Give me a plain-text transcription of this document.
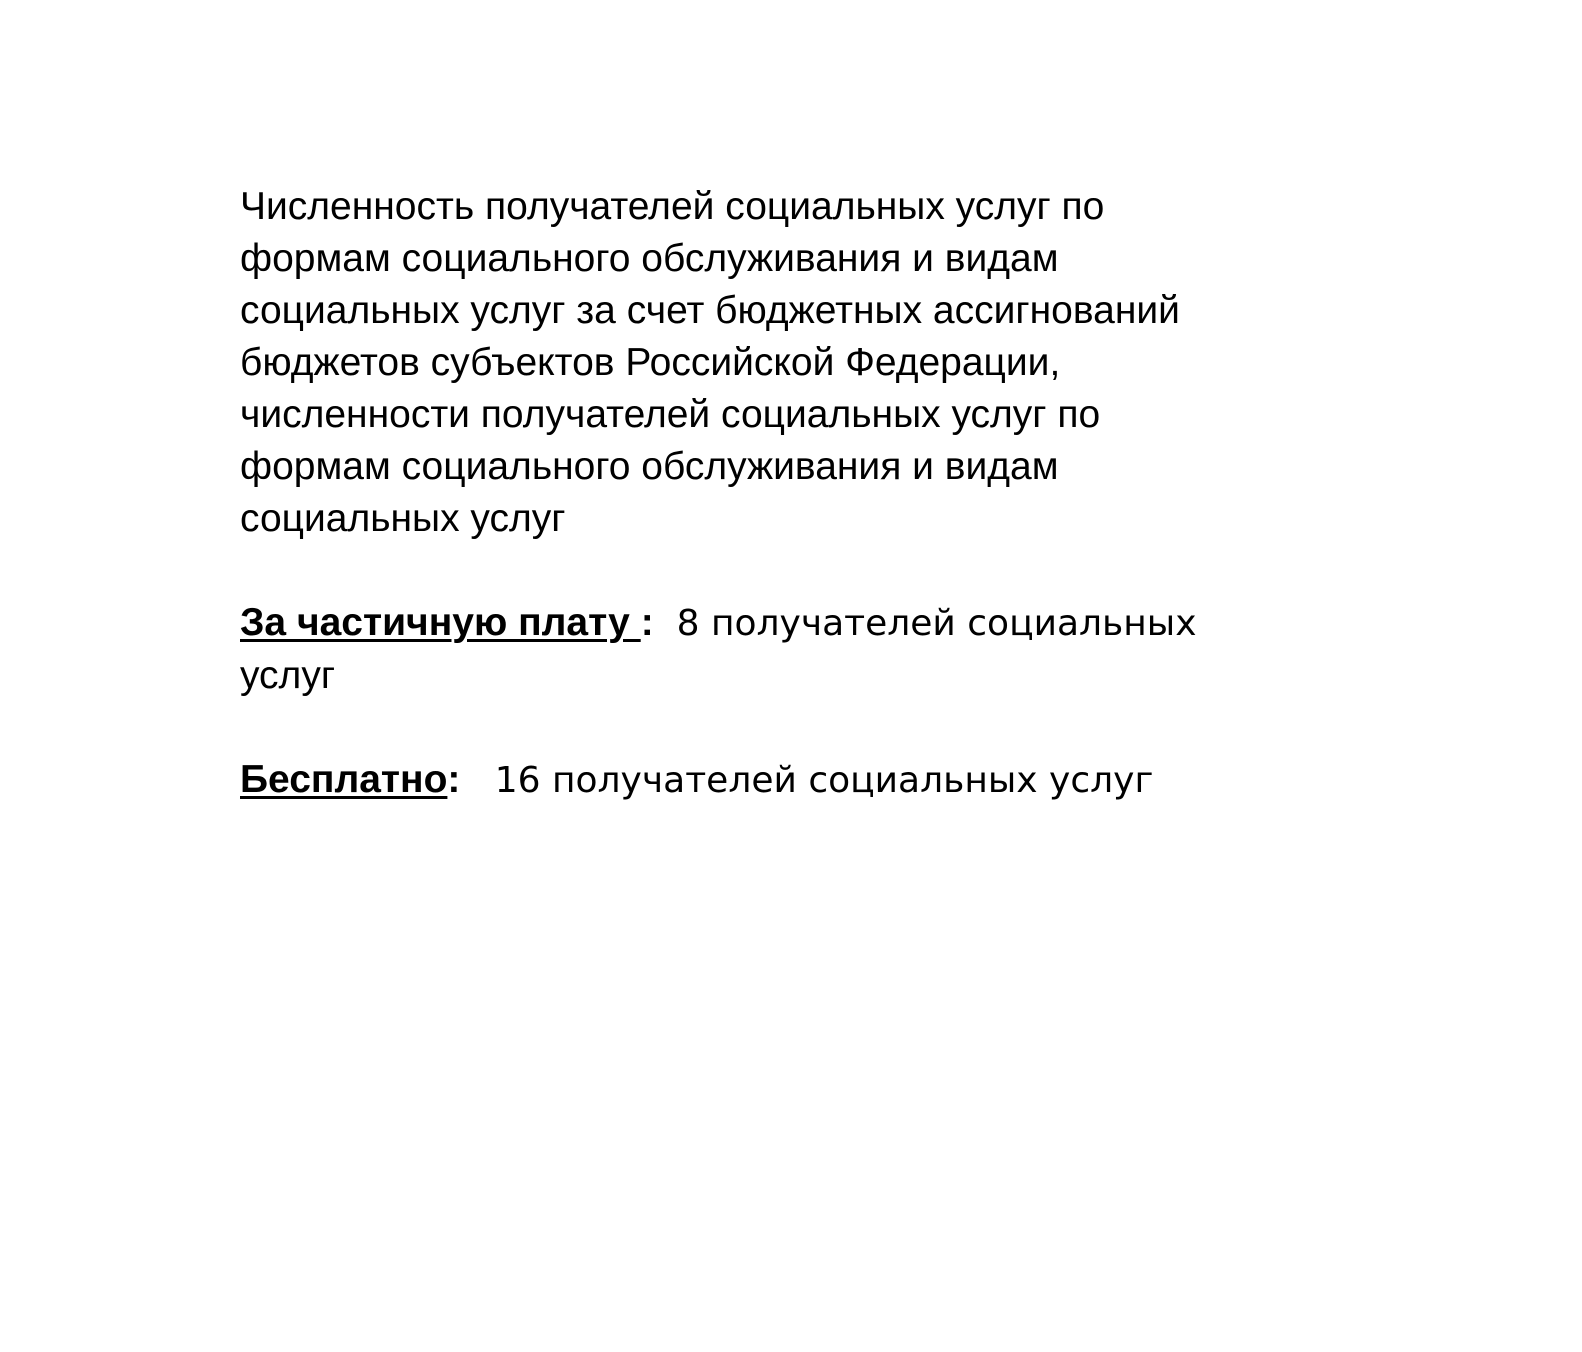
Численность получателей социальных услуг по
формам социального обслуживания и видам
социальных услуг за счет бюджетных ассигнований
бюджетов субъектов Российской Федерации,
численности получателей социальных услуг по
формам социального обслуживания и видам
социальных услуг

За частичную плату :  8 получателей социальных
услуг

Бесплатно:   16 получателей социальных услуг
